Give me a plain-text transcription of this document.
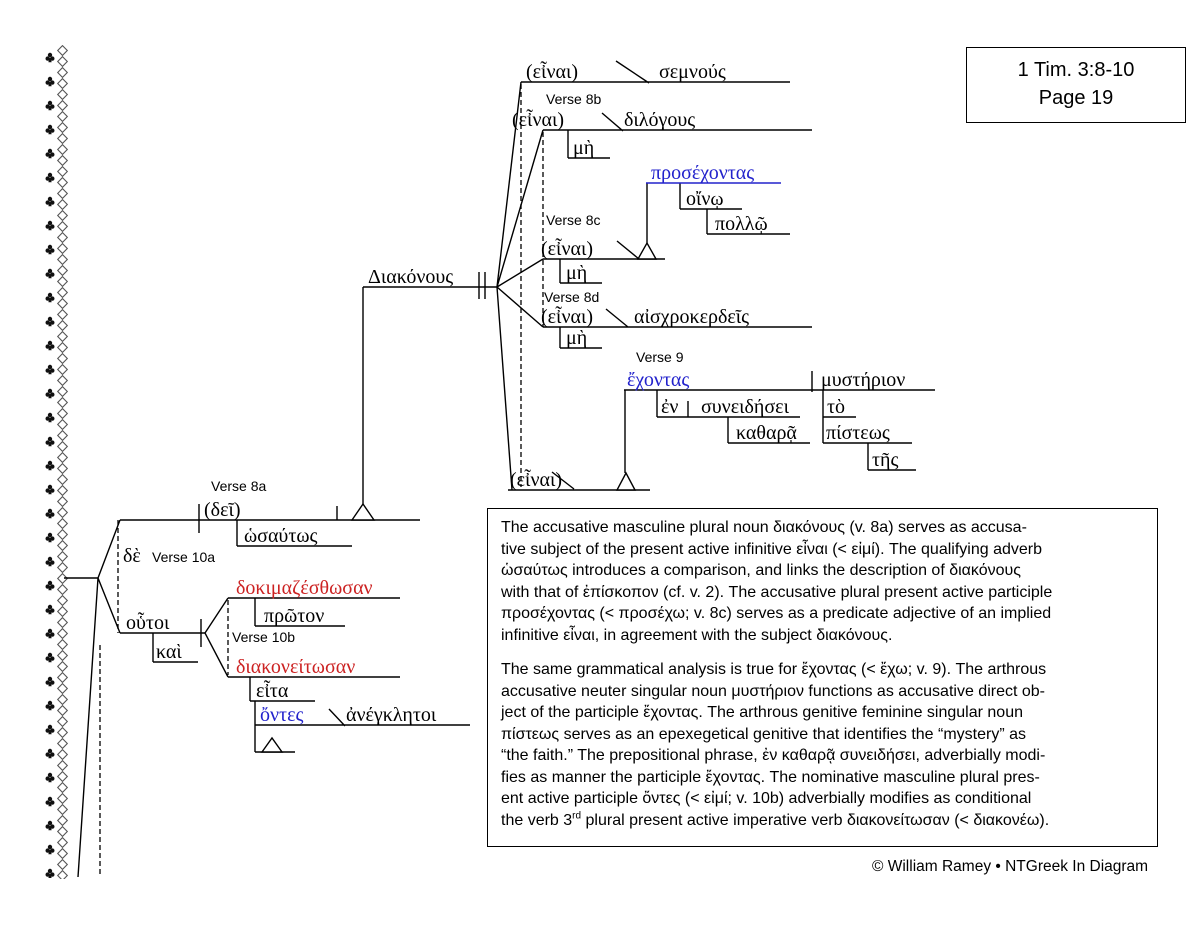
(εἶναι)	σεμνούς
(εἶναι)	διλόγους
μὴ
προσέχοντας
οἴνῳ
πολλῷ
(εἶναι)
μὴ
(εἶναι) αἰσχροκερδεῖς
μὴ
ἔχοντας	μυστήριον
ἐν συνειδήσει
καθαρᾷ
τὸ
πίστεως
τῆς
(εἶναι)
Διακόνους
(δεῖ)
ὡσαύτως
δὲ
οὗτοι
καὶ
δοκιμαζέσθωσαν
πρῶτον
διακονείτωσαν
εἶτα
ὄντες ἀνέγκλητοι
Verse 8a
Verse 8b
Verse 8c
Verse 8d
Verse 9
Verse 10a
Verse 10b
1 Tim. 3:8-10
Page 19
The accusative masculine plural noun διακόνους (v. 8a) serves as accusa-
tive subject of the present active infinitive εἶναι (< εἰμί). The qualifying adverb
ὡσαύτως introduces a comparison, and links the description of διακόνους
with that of ἐπίσκοπον (cf. v. 2). The accusative plural present active participle
προσέχοντας (< προσέχω; v. 8c) serves as a predicate adjective of an implied
infinitive εἶναι, in agreement with the subject διακόνους.
The same grammatical analysis is true for ἔχοντας (< ἔχω; v. 9). The arthrous
accusative neuter singular noun μυστήριον functions as accusative direct ob-
ject of the participle ἔχοντας. The arthrous genitive feminine singular noun
πίστεως serves as an epexegetical genitive that identifies the “mystery” as
“the faith.” The prepositional phrase, ἐν καθαρᾷ συνειδήσει, adverbially modi-
fies as manner the participle ἔχοντας. The nominative masculine plural pres-
ent active participle ὄντες (< εἰμί; v. 10b) adverbially modifies as conditional
the verb 3rd plural present active imperative verb διακονείτωσαν (< διακονέω).
© William Ramey • NTGreek In Diagram
